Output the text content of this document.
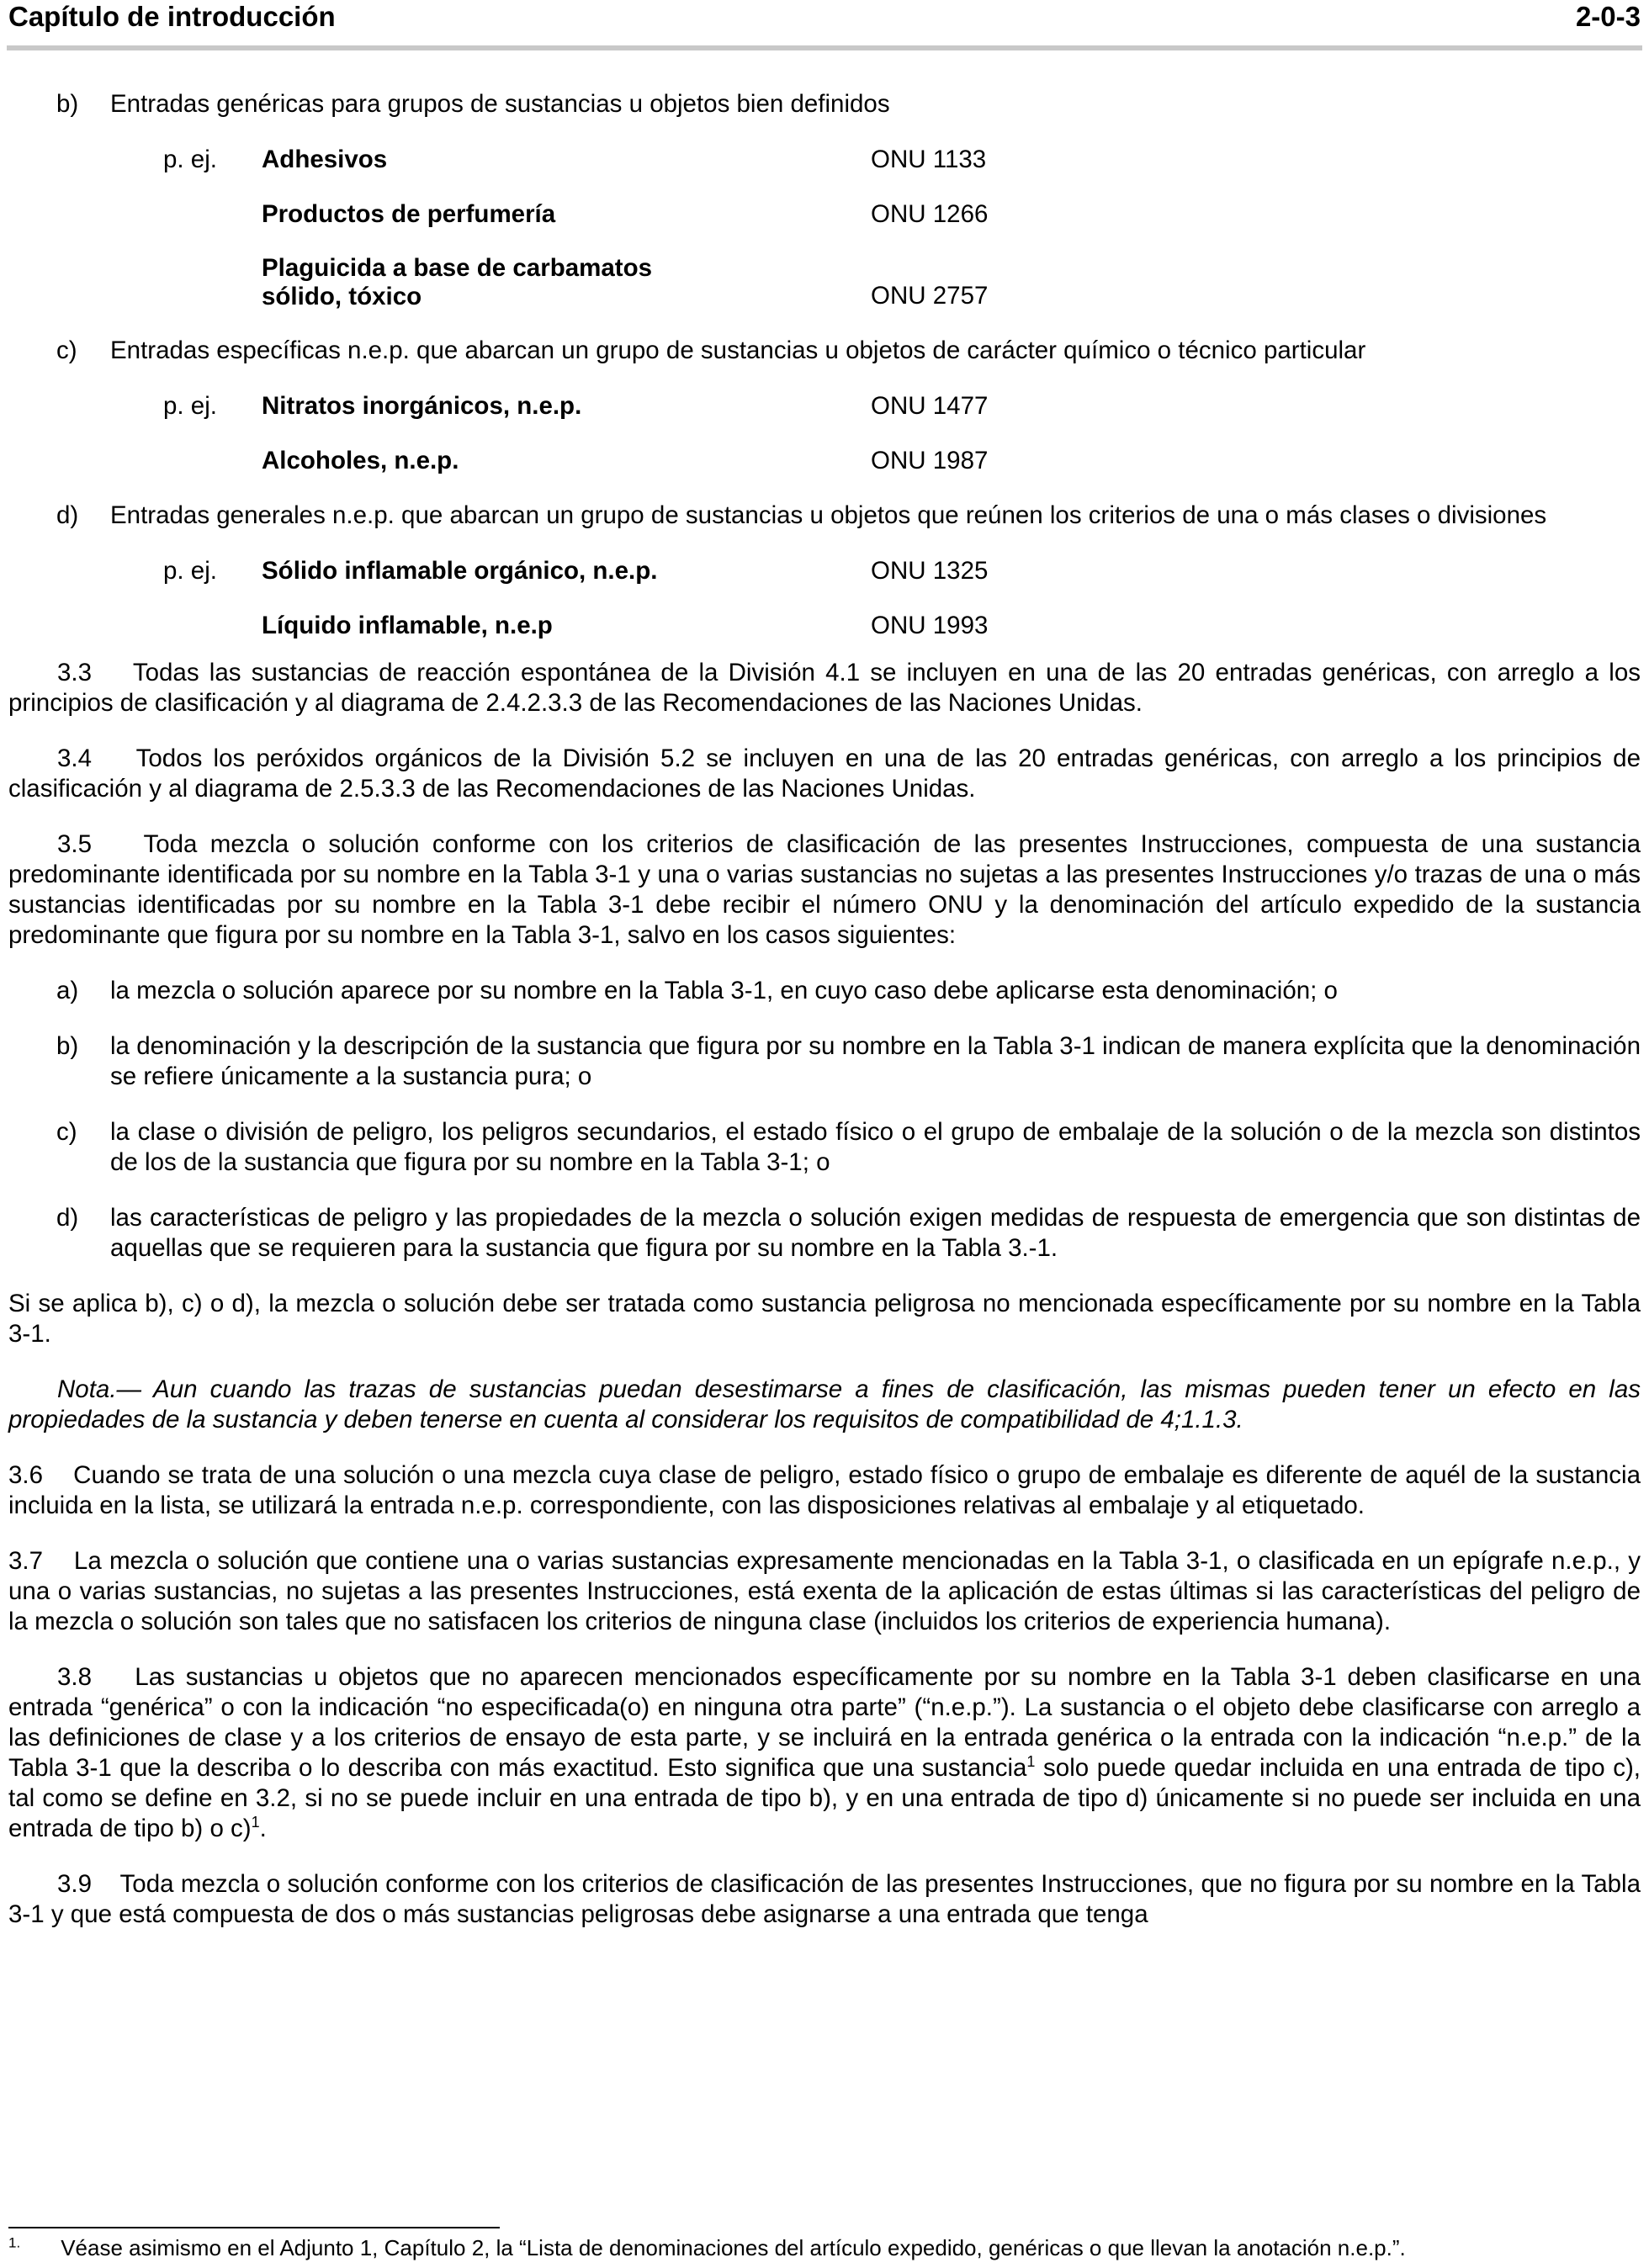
Capítulo de introducción	2-0-3
b) Entradas genéricas para grupos de sustancias u objetos bien definidos
p. ej.	Adhesivos	ONU 1133
Productos de perfumería	ONU 1266
Plaguicida a base de carbamatos
sólido, tóxico	ONU 2757
c) Entradas específicas n.e.p. que abarcan un grupo de sustancias u objetos de carácter químico o técnico particular
p. ej.	Nitratos inorgánicos, n.e.p.	ONU 1477
Alcoholes, n.e.p.	ONU 1987
d) Entradas generales n.e.p. que abarcan un grupo de sustancias u objetos que reúnen los criterios de una o más clases o divisiones
p. ej.	Sólido inflamable orgánico, n.e.p.	ONU 1325
Líquido inflamable, n.e.p	ONU 1993

3.3    Todas las sustancias de reacción espontánea de la División 4.1 se incluyen en una de las 20 entradas genéricas, con arreglo a los principios de clasificación y al diagrama de 2.4.2.3.3 de las Recomendaciones de las Naciones Unidas.

3.4    Todos los peróxidos orgánicos de la División 5.2 se incluyen en una de las 20 entradas genéricas, con arreglo a los principios de clasificación y al diagrama de 2.5.3.3 de las Recomendaciones de las Naciones Unidas.

3.5    Toda mezcla o solución conforme con los criterios de clasificación de las presentes Instrucciones, compuesta de una sustancia predominante identificada por su nombre en la Tabla 3-1 y una o varias sustancias no sujetas a las presentes Instrucciones y/o trazas de una o más sustancias identificadas por su nombre en la Tabla 3-1 debe recibir el número ONU y la denominación del artículo expedido de la sustancia predominante que figura por su nombre en la Tabla 3-1, salvo en los casos siguientes:

a) la mezcla o solución aparece por su nombre en la Tabla 3-1, en cuyo caso debe aplicarse esta denominación; o
b) la denominación y la descripción de la sustancia que figura por su nombre en la Tabla 3-1 indican de manera explícita que la denominación se refiere únicamente a la sustancia pura; o
c) la clase o división de peligro, los peligros secundarios, el estado físico o el grupo de embalaje de la solución o de la mezcla son distintos de los de la sustancia que figura por su nombre en la Tabla 3-1; o
d) las características de peligro y las propiedades de la mezcla o solución exigen medidas de respuesta de emergencia que son distintas de aquellas que se requieren para la sustancia que figura por su nombre en la Tabla 3.-1.

Si se aplica b), c) o d), la mezcla o solución debe ser tratada como sustancia peligrosa no mencionada específicamente por su nombre en la Tabla 3-1.

Nota.— Aun cuando las trazas de sustancias puedan desestimarse a fines de clasificación, las mismas pueden tener un efecto en las propiedades de la sustancia y deben tenerse en cuenta al considerar los requisitos de compatibilidad de 4;1.1.3.

3.6    Cuando se trata de una solución o una mezcla cuya clase de peligro, estado físico o grupo de embalaje es diferente de aquél de la sustancia incluida en la lista, se utilizará la entrada n.e.p. correspondiente, con las disposiciones relativas al embalaje y al etiquetado.

3.7    La mezcla o solución que contiene una o varias sustancias expresamente mencionadas en la Tabla 3-1, o clasificada en un epígrafe n.e.p., y una o varias sustancias, no sujetas a las presentes Instrucciones, está exenta de la aplicación de estas últimas si las características del peligro de la mezcla o solución son tales que no satisfacen los criterios de ninguna clase (incluidos los criterios de experiencia humana).

3.8    Las sustancias u objetos que no aparecen mencionados específicamente por su nombre en la Tabla 3-1 deben clasificarse en una entrada “genérica” o con la indicación “no especificada(o) en ninguna otra parte” (“n.e.p.”). La sustancia o el objeto debe clasificarse con arreglo a las definiciones de clase y a los criterios de ensayo de esta parte, y se incluirá en la entrada genérica o la entrada con la indicación “n.e.p.” de la Tabla 3-1 que la describa o lo describa con más exactitud. Esto significa que una sustancia$^1$ solo puede quedar incluida en una entrada de tipo c), tal como se define en 3.2, si no se puede incluir en una entrada de tipo b), y en una entrada de tipo d) únicamente si no puede ser incluida en una entrada de tipo b) o c)$^1$.

3.9    Toda mezcla o solución conforme con los criterios de clasificación de las presentes Instrucciones, que no figura por su nombre en la Tabla 3-1 y que está compuesta de dos o más sustancias peligrosas debe asignarse a una entrada que tenga

$^{1.}$ Véase asimismo en el Adjunto 1, Capítulo 2, la “Lista de denominaciones del artículo expedido, genéricas o que llevan la anotación n.e.p.”.
